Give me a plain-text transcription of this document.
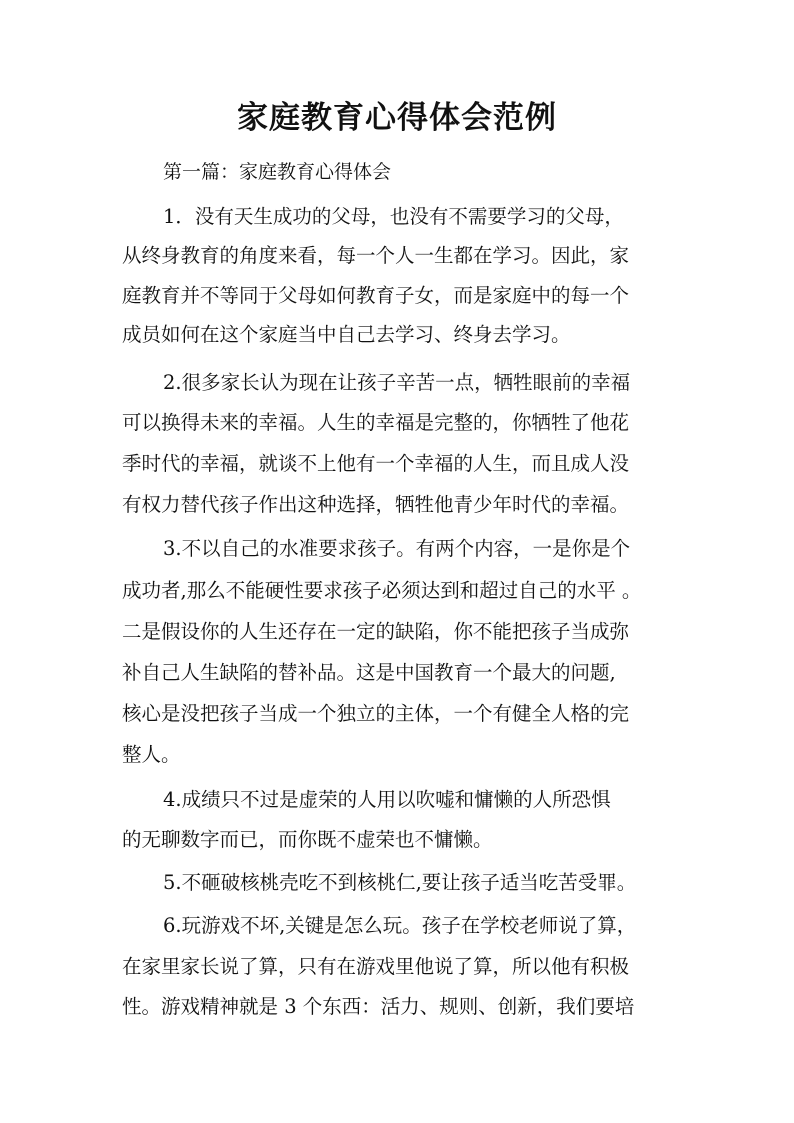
家庭教育心得体会范例

第一篇：家庭教育心得体会

1．没有天生成功的父母，也没有不需要学习的父母，

从终身教育的角度来看，每一个人一生都在学习。因此，家

庭教育并不等同于父母如何教育子女，而是家庭中的每一个

成员如何在这个家庭当中自己去学习、终身去学习。

2.很多家长认为现在让孩子辛苦一点，牺牲眼前的幸福

可以换得未来的幸福。人生的幸福是完整的，你牺牲了他花

季时代的幸福，就谈不上他有一个幸福的人生，而且成人没

有权力替代孩子作出这种选择，牺牲他青少年时代的幸福。

3.不以自己的水准要求孩子。有两个内容，一是你是个

成功者,那么不能硬性要求孩子必须达到和超过自己的水平 。

二是假设你的人生还存在一定的缺陷，你不能把孩子当成弥

补自己人生缺陷的替补品。这是中国教育一个最大的问题,

核心是没把孩子当成一个独立的主体，一个有健全人格的完

整人。

4.成绩只不过是虚荣的人用以吹嘘和慵懒的人所恐惧

的无聊数字而已，而你既不虚荣也不慵懒。

5.不砸破核桃壳吃不到核桃仁,要让孩子适当吃苦受罪。

6.玩游戏不坏,关键是怎么玩。孩子在学校老师说了算，

在家里家长说了算，只有在游戏里他说了算，所以他有积极

性。游戏精神就是 3 个东西：活力、规则、创新，我们要培
